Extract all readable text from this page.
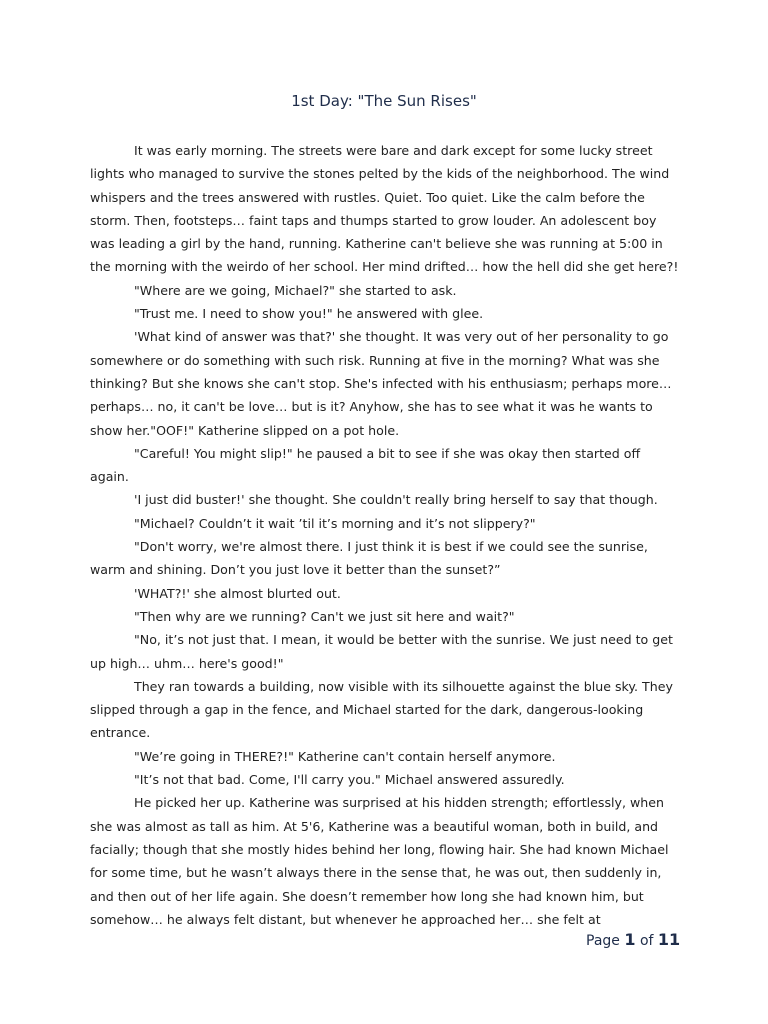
1st Day: "The Sun Rises"

It was early morning. The streets were bare and dark except for some lucky street lights who managed to survive the stones pelted by the kids of the neighborhood. The wind whispers and the trees answered with rustles. Quiet. Too quiet. Like the calm before the storm. Then, footsteps… faint taps and thumps started to grow louder. An adolescent boy was leading a girl by the hand, running. Katherine can't believe she was running at 5:00 in the morning with the weirdo of her school. Her mind drifted… how the hell did she get here?!

"Where are we going, Michael?" she started to ask.

"Trust me. I need to show you!" he answered with glee.

'What kind of answer was that?' she thought. It was very out of her personality to go somewhere or do something with such risk. Running at five in the morning? What was she thinking? But she knows she can't stop. She's infected with his enthusiasm; perhaps more… perhaps… no, it can't be love… but is it? Anyhow, she has to see what it was he wants to show her."OOF!" Katherine slipped on a pot hole.

"Careful! You might slip!" he paused a bit to see if she was okay then started off again.

'I just did buster!' she thought. She couldn't really bring herself to say that though.

"Michael? Couldn’t it wait ’til it’s morning and it’s not slippery?"

"Don't worry, we're almost there. I just think it is best if we could see the sunrise, warm and shining. Don’t you just love it better than the sunset?”

'WHAT?!' she almost blurted out.

"Then why are we running? Can't we just sit here and wait?"

"No, it’s not just that. I mean, it would be better with the sunrise. We just need to get up high… uhm… here's good!"

They ran towards a building, now visible with its silhouette against the blue sky. They slipped through a gap in the fence, and Michael started for the dark, dangerous-looking entrance.

"We’re going in THERE?!" Katherine can't contain herself anymore.

"It’s not that bad. Come, I'll carry you." Michael answered assuredly.

He picked her up. Katherine was surprised at his hidden strength; effortlessly, when she was almost as tall as him. At 5'6, Katherine was a beautiful woman, both in build, and facially; though that she mostly hides behind her long, flowing hair. She had known Michael for some time, but he wasn’t always there in the sense that, he was out, then suddenly in, and then out of her life again. She doesn’t remember how long she had known him, but somehow… he always felt distant, but whenever he approached her… she felt at

Page 1 of 11
